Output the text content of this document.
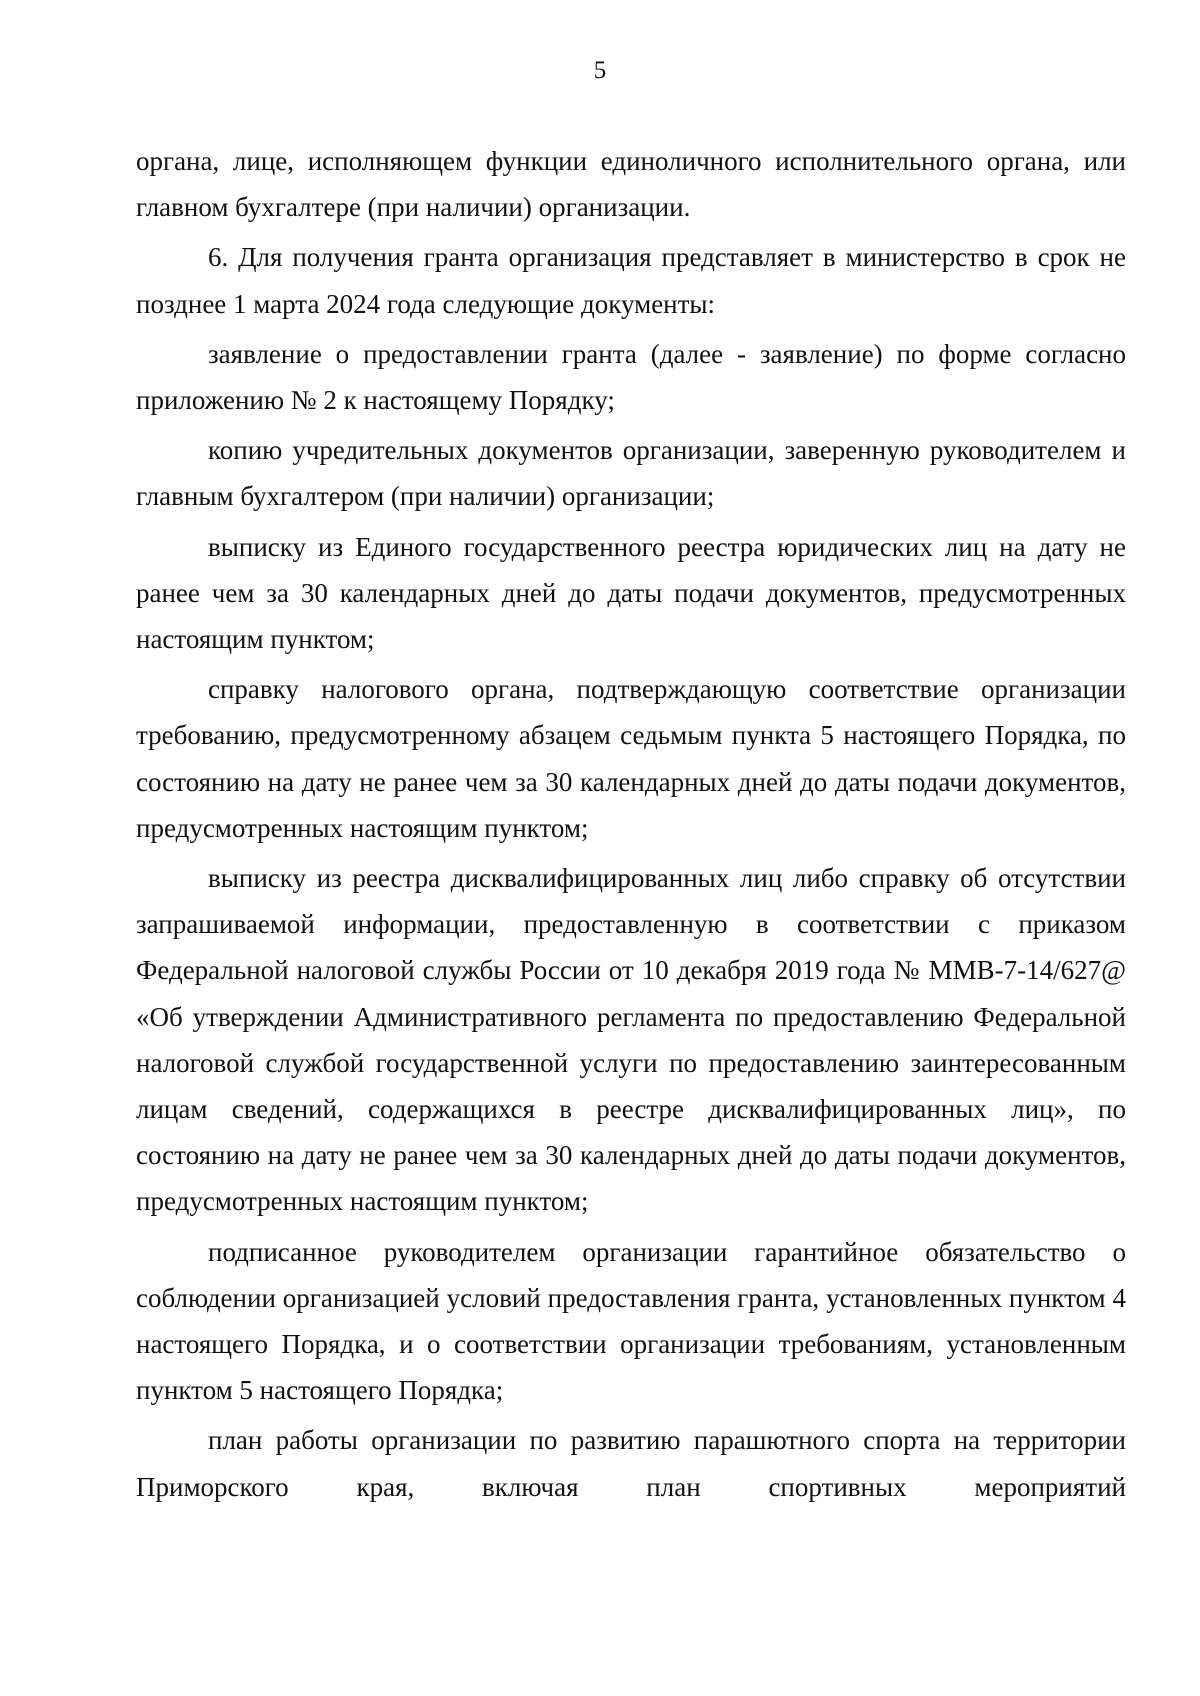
5

органа, лице, исполняющем функции единоличного исполнительного органа, или главном бухгалтере (при наличии) организации.

6. Для получения гранта организация представляет в министерство в срок не позднее 1 марта 2024 года следующие документы:

заявление о предоставлении гранта (далее - заявление) по форме согласно приложению № 2 к настоящему Порядку;

копию учредительных документов организации, заверенную руководителем и главным бухгалтером (при наличии) организации;

выписку из Единого государственного реестра юридических лиц на дату не ранее чем за 30 календарных дней до даты подачи документов, предусмотренных настоящим пунктом;

справку налогового органа, подтверждающую соответствие организации требованию, предусмотренному абзацем седьмым пункта 5 настоящего Порядка, по состоянию на дату не ранее чем за 30 календарных дней до даты подачи документов, предусмотренных настоящим пунктом;

выписку из реестра дисквалифицированных лиц либо справку об отсутствии запрашиваемой информации, предоставленную в соответствии с приказом Федеральной налоговой службы России от 10 декабря 2019 года № ММВ-7-14/627@ «Об утверждении Административного регламента по предоставлению Федеральной налоговой службой государственной услуги по предоставлению заинтересованным лицам сведений, содержащихся в реестре дисквалифицированных лиц», по состоянию на дату не ранее чем за 30 календарных дней до даты подачи документов, предусмотренных настоящим пунктом;

подписанное руководителем организации гарантийное обязательство о соблюдении организацией условий предоставления гранта, установленных пунктом 4 настоящего Порядка, и о соответствии организации требованиям, установленным пунктом 5 настоящего Порядка;

план работы организации по развитию парашютного спорта на территории Приморского края, включая план спортивных мероприятий
